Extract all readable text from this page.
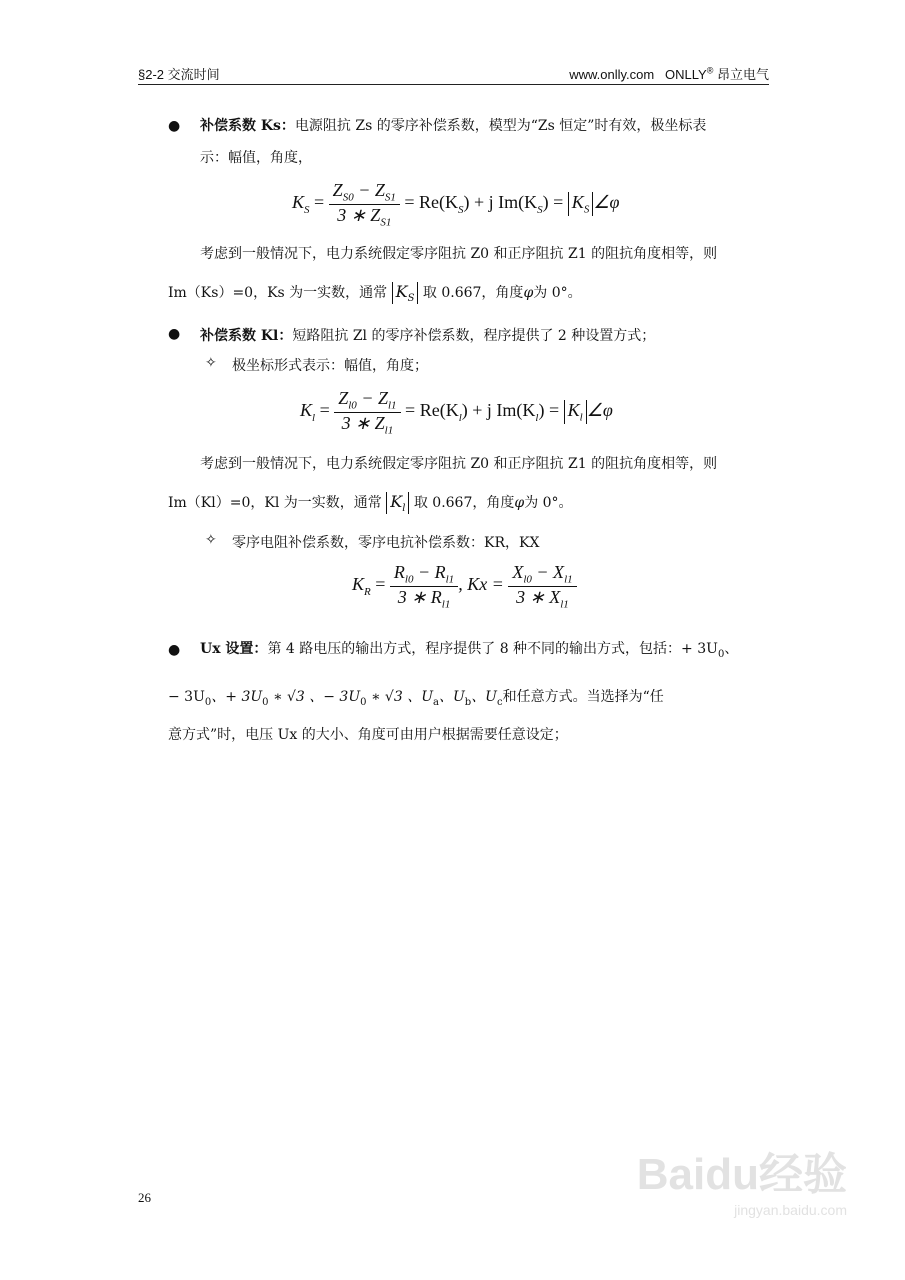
§2-2 交流时间	www.onlly.com ONLLY® 昂立电气
● 补偿系数 Ks：电源阻抗 Zs 的零序补偿系数，模型为“Zs 恒定”时有效，极坐标表
示：幅值，角度，
$K_S = \frac{Z_{S0} - Z_{S1}}{3 ∗ Z_{S1}} = Re(K_S) + j$ $Im(K_S) = K_S$ ∠φ
考虑到一般情况下，电力系统假定零序阻抗 Z0 和正序阻抗 Z1 的阻抗角度相等，则
Im（Ks）=0，Ks 为一实数，通常 $K_S$ 取 0.667，角度φ为 0°。
● 补偿系数 Kl：短路阻抗 Zl 的零序补偿系数，程序提供了 2 种设置方式；
✧ 极坐标形式表示：幅值，角度；
$K_l = \frac{Z_{l0} - Z_{l1}}{3 ∗ Z_{l1}} = Re(K_l) + j$ $Im(K_l) = K_l$ ∠φ
考虑到一般情况下，电力系统假定零序阻抗 Z0 和正序阻抗 Z1 的阻抗角度相等，则
Im（Kl）=0，Kl 为一实数，通常 $K_l$ 取 0.667，角度φ为 0°。
✧ 零序电阻补偿系数，零序电抗补偿系数：KR，KX
$K_R = \frac{R_{l0} - R_{l1}}{3 ∗ R_{l1}}$ , $Kx = \frac{X_{l0} - X_{l1}}{3 ∗ X_{l1}}$
● Ux 设置：第 4 路电压的输出方式，程序提供了 8 种不同的输出方式，包括：+ $3U_0$、
− $3U_0$、+ $3U_0$ ∗ √3 、− $3U_0$ ∗ √3 、$U_a$、$U_b$、$U_c$和任意方式。当选择为“任
意方式”时，电压 Ux 的大小、角度可由用户根据需要任意设定；
26	Baidu经验
jingyan.baidu.com
